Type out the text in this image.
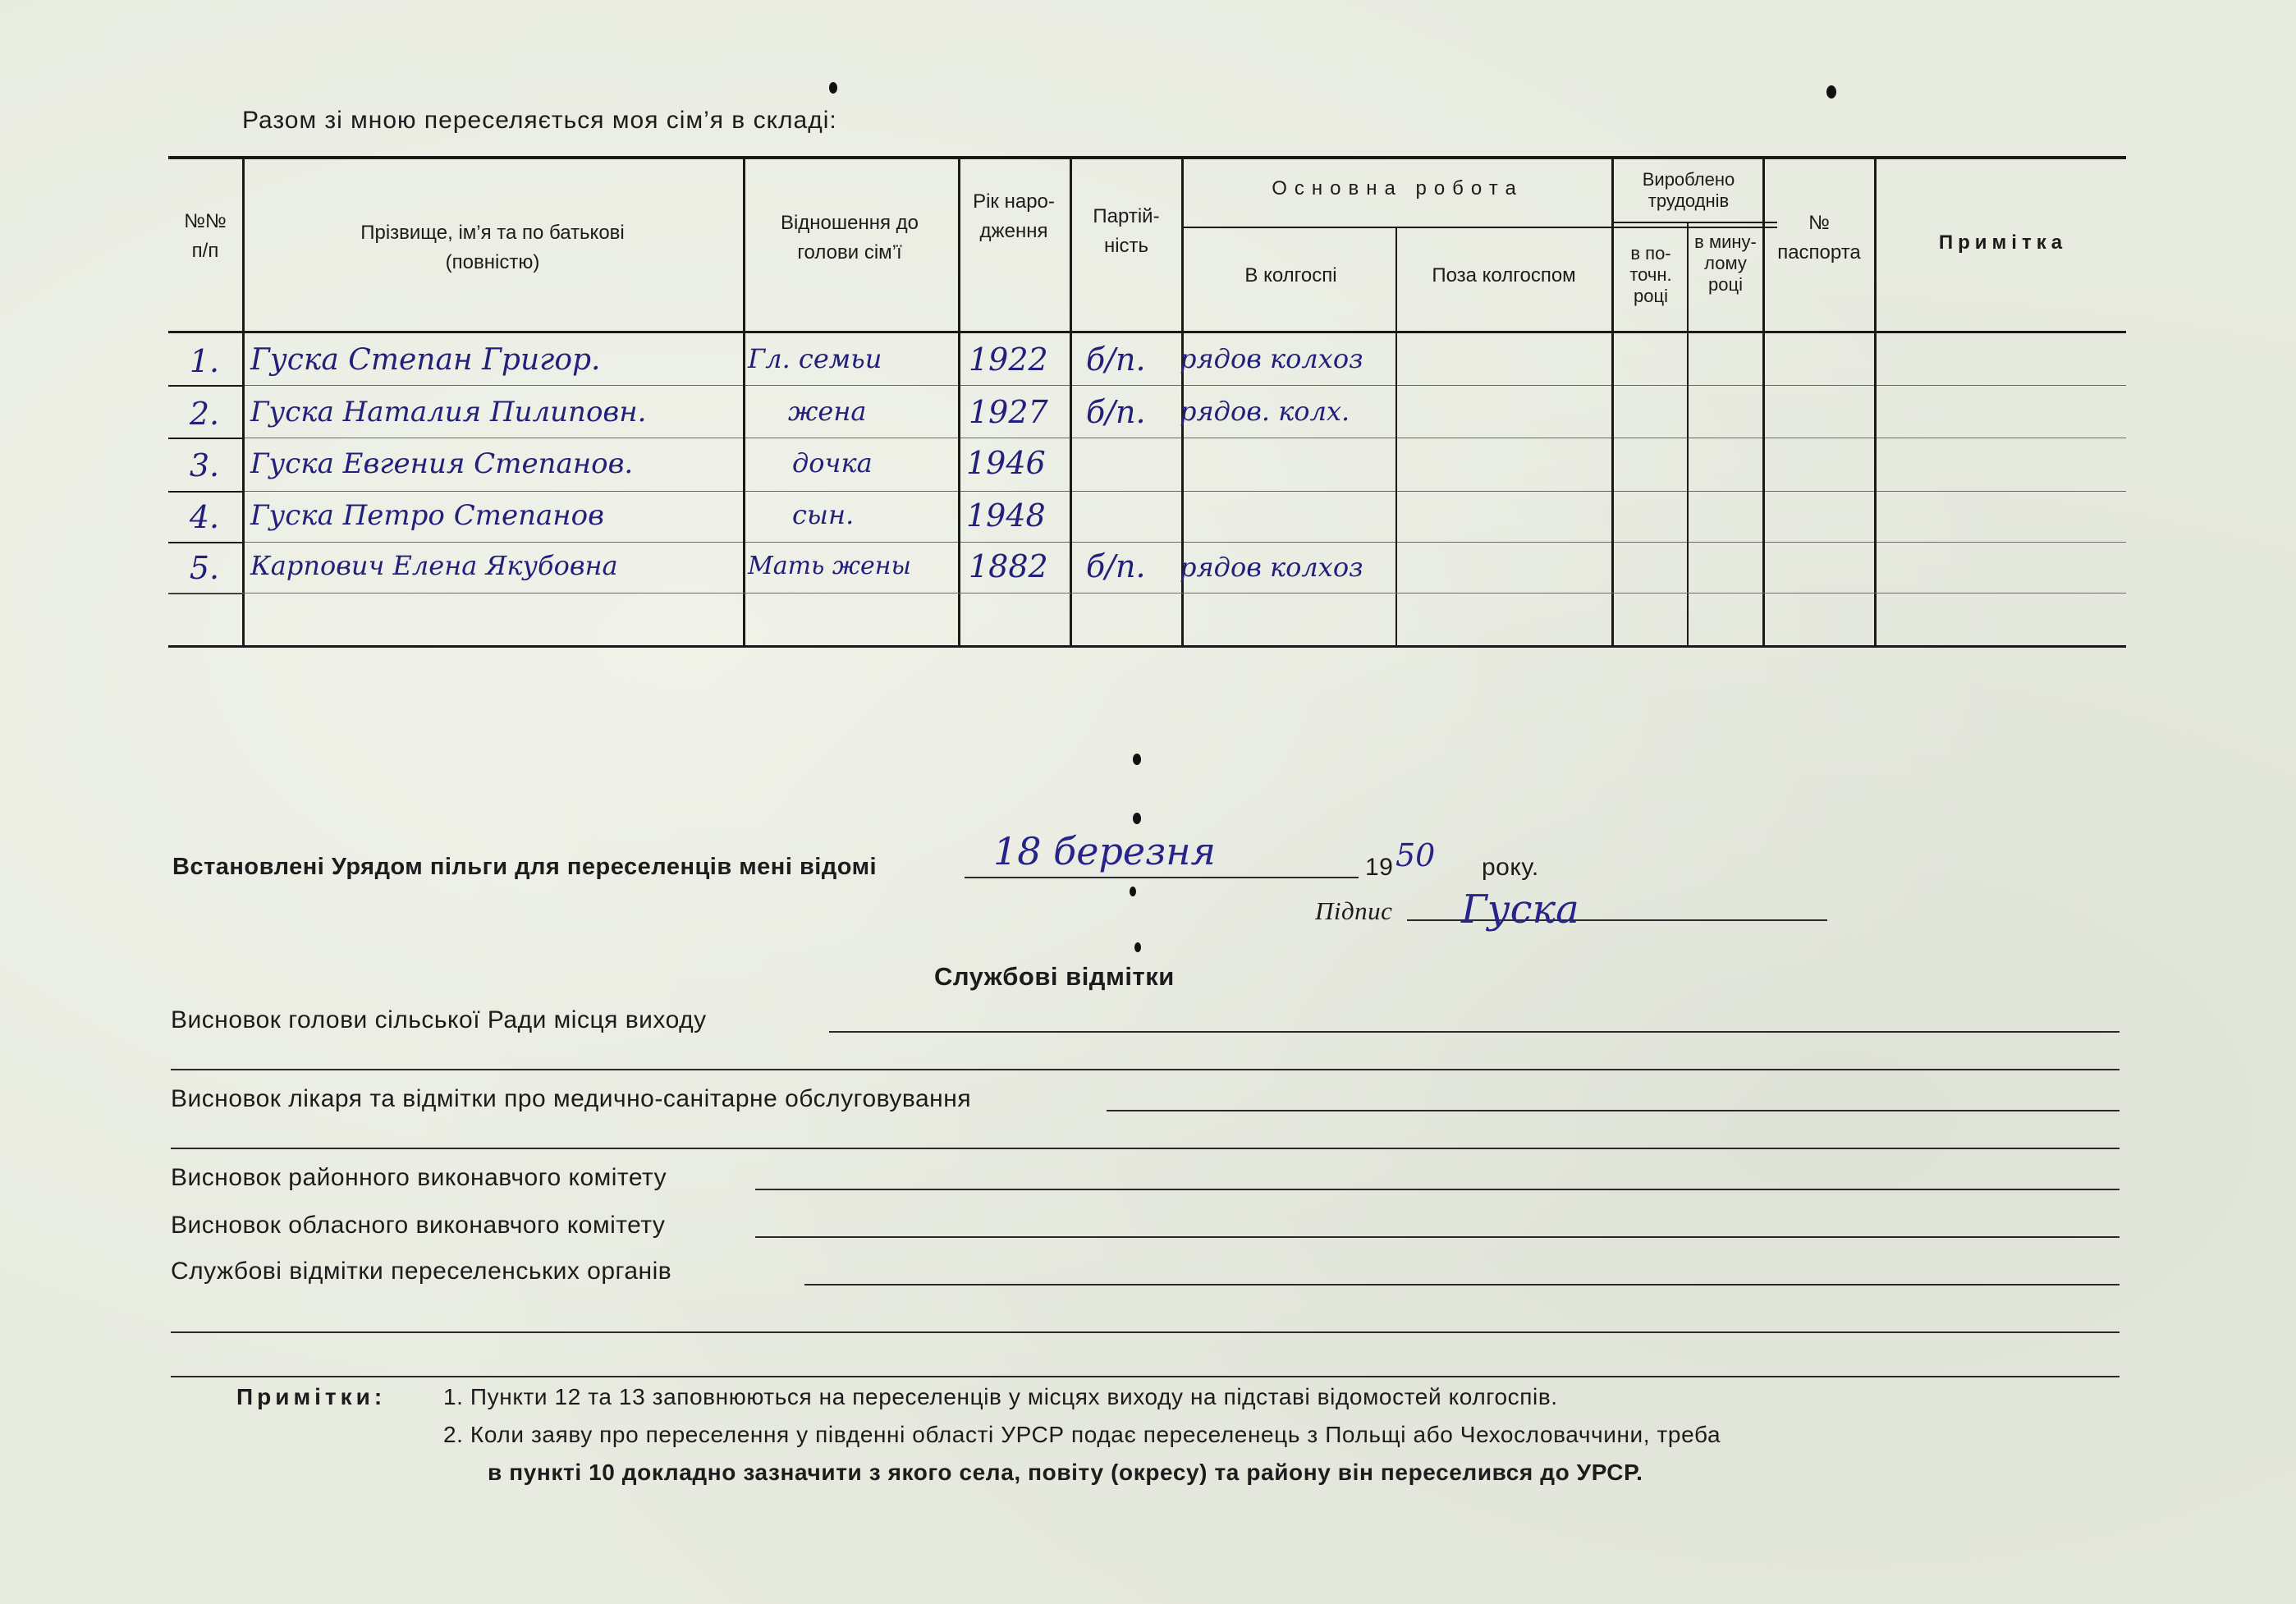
Разом зі мною переселяється моя сім’я в складі:
№№ п/п
Прізвище, ім’я та по батькові (повністю)
Відношення до голови сім’ї
Рік наро- дження
Партій- ність
Основна робота
В колгоспі	Поза колгоспом
Вироблено трудоднів
в по- точн. році
в мину- лому році
№ паспорта	Примітка
1.	Гуска Степан Григор.	Гл. семьи	1922 б/п. рядов колхоз
2.	Гуска Наталия Пилиповн.	жена	1927 б/п. рядов. колх.
3.	Гуска Евгения Степанов.	дочка	1946
4.	Гуска Петро Степанов	сын.	1948
5.	Карпович Елена Якубовна	Мать жены 1882 б/п. рядов колхоз
Встановлені Урядом пільги для переселенців мені відомі	18 березня	19 50 року.
Підпис Гуска
Службові відмітки
Висновок голови сільської Ради місця виходу
Висновок лікаря та відмітки про медично-санітарне обслуговування
Висновок районного виконавчого комітету
Висновок обласного виконавчого комітету
Службові відмітки переселенських органів
Примітки: 1. Пункти 12 та 13 заповнюються на переселенців у місцях виходу на підставі відомостей колгоспів.
2. Коли заяву про переселення у південні області УРСР подає переселенець з Польщі або Чехословаччини, треба
в пункті 10 докладно зазначити з якого села, повіту (окресу) та району він переселився до УРСР.
